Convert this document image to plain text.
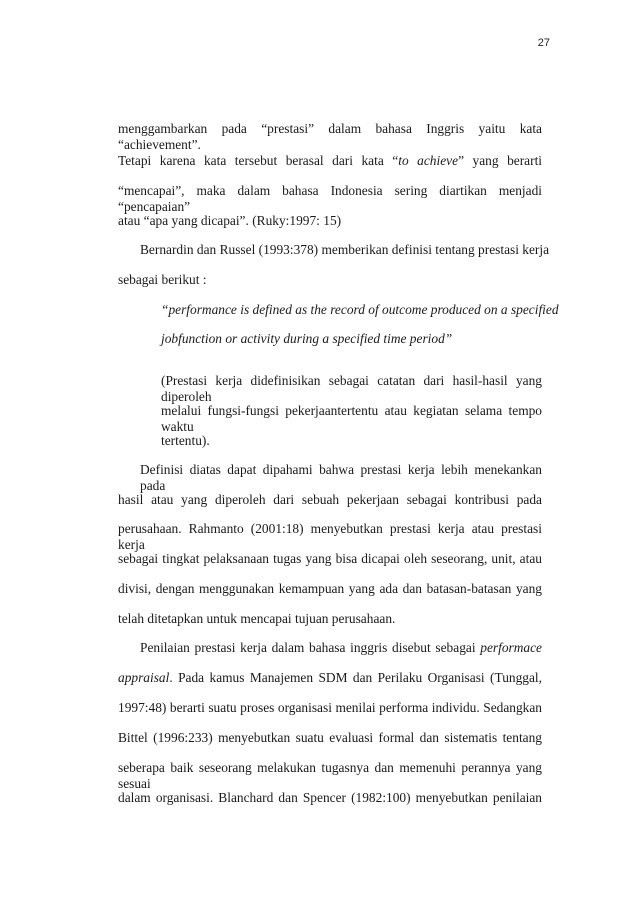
27

menggambarkan pada “prestasi” dalam bahasa Inggris yaitu kata “achievement”.

Tetapi karena kata tersebut berasal dari kata “to achieve” yang berarti

“mencapai”, maka dalam bahasa Indonesia sering diartikan menjadi “pencapaian”

atau “apa yang dicapai”. (Ruky:1997: 15)

Bernardin dan Russel (1993:378) memberikan definisi tentang prestasi kerja

sebagai berikut :

“performance is defined as the record of outcome produced on a specified

jobfunction or activity during a specified time period”

(Prestasi kerja didefinisikan sebagai catatan dari hasil-hasil yang diperoleh

melalui fungsi-fungsi pekerjaantertentu atau kegiatan selama tempo waktu

tertentu).

Definisi diatas dapat dipahami bahwa prestasi kerja lebih menekankan pada

hasil atau yang diperoleh dari sebuah pekerjaan sebagai kontribusi pada

perusahaan. Rahmanto (2001:18) menyebutkan prestasi kerja atau prestasi kerja

sebagai tingkat pelaksanaan tugas yang bisa dicapai oleh seseorang, unit, atau

divisi, dengan menggunakan kemampuan yang ada dan batasan-batasan yang

telah ditetapkan untuk mencapai tujuan perusahaan.

Penilaian prestasi kerja dalam bahasa inggris disebut sebagai performace

appraisal. Pada kamus Manajemen SDM dan Perilaku Organisasi (Tunggal,

1997:48) berarti suatu proses organisasi menilai performa individu. Sedangkan

Bittel (1996:233) menyebutkan suatu evaluasi formal dan sistematis tentang

seberapa baik seseorang melakukan tugasnya dan memenuhi perannya yang sesuai

dalam organisasi. Blanchard dan Spencer (1982:100) menyebutkan penilaian
